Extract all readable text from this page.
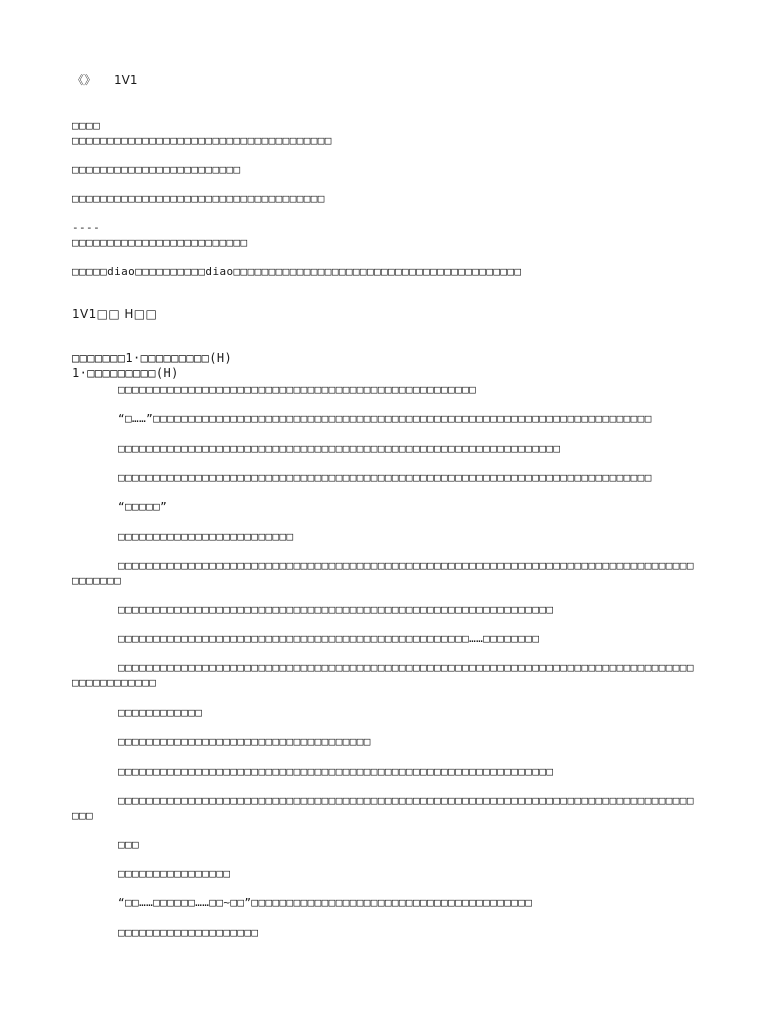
《》 1V1
□□□□
□□□□□□□□□□□□□□□□□□□□□□□□□□□□□□□□□□□□□
□□□□□□□□□□□□□□□□□□□□□□□□
□□□□□□□□□□□□□□□□□□□□□□□□□□□□□□□□□□□□
----
□□□□□□□□□□□□□□□□□□□□□□□□□
□□□□□diao□□□□□□□□□□diao□□□□□□□□□□□□□□□□□□□□□□□□□□□□□□□□□□□□□□□□□
1V1□□ H□□
□□□□□□□1·□□□□□□□□□(H)
1·□□□□□□□□□(H)
□□□□□□□□□□□□□□□□□□□□□□□□□□□□□□□□□□□□□□□□□□□□□□□□□□□
“□……”□□□□□□□□□□□□□□□□□□□□□□□□□□□□□□□□□□□□□□□□□□□□□□□□□□□□□□□□□□□□□□□□□□□□□□□
□□□□□□□□□□□□□□□□□□□□□□□□□□□□□□□□□□□□□□□□□□□□□□□□□□□□□□□□□□□□□□□
□□□□□□□□□□□□□□□□□□□□□□□□□□□□□□□□□□□□□□□□□□□□□□□□□□□□□□□□□□□□□□□□□□□□□□□□□□□□
“□□□□□”
□□□□□□□□□□□□□□□□□□□□□□□□□
□□□□□□□□□□□□□□□□□□□□□□□□□□□□□□□□□□□□□□□□□□□□□□□□□□□□□□□□□□□□□□□□□□□□□□□□□□□□□□□□□□□□□□□□□
□□□□□□□□□□□□□□□□□□□□□□□□□□□□□□□□□□□□□□□□□□□□□□□□□□□□□□□□□□□□□□
□□□□□□□□□□□□□□□□□□□□□□□□□□□□□□□□□□□□□□□□□□□□□□□□□□……□□□□□□□□
□□□□□□□□□□□□□□□□□□□□□□□□□□□□□□□□□□□□□□□□□□□□□□□□□□□□□□□□□□□□□□□□□□□□□□□□□□□□□□□□□□□□□□□□□□□□□□
□□□□□□□□□□□□
□□□□□□□□□□□□□□□□□□□□□□□□□□□□□□□□□□□□
□□□□□□□□□□□□□□□□□□□□□□□□□□□□□□□□□□□□□□□□□□□□□□□□□□□□□□□□□□□□□□
□□□□□□□□□□□□□□□□□□□□□□□□□□□□□□□□□□□□□□□□□□□□□□□□□□□□□□□□□□□□□□□□□□□□□□□□□□□□□□□□□□□□□
□□□
□□□□□□□□□□□□□□□□
“□□……□□□□□□……□□~□□”□□□□□□□□□□□□□□□□□□□□□□□□□□□□□□□□□□□□□□□□
□□□□□□□□□□□□□□□□□□□□
